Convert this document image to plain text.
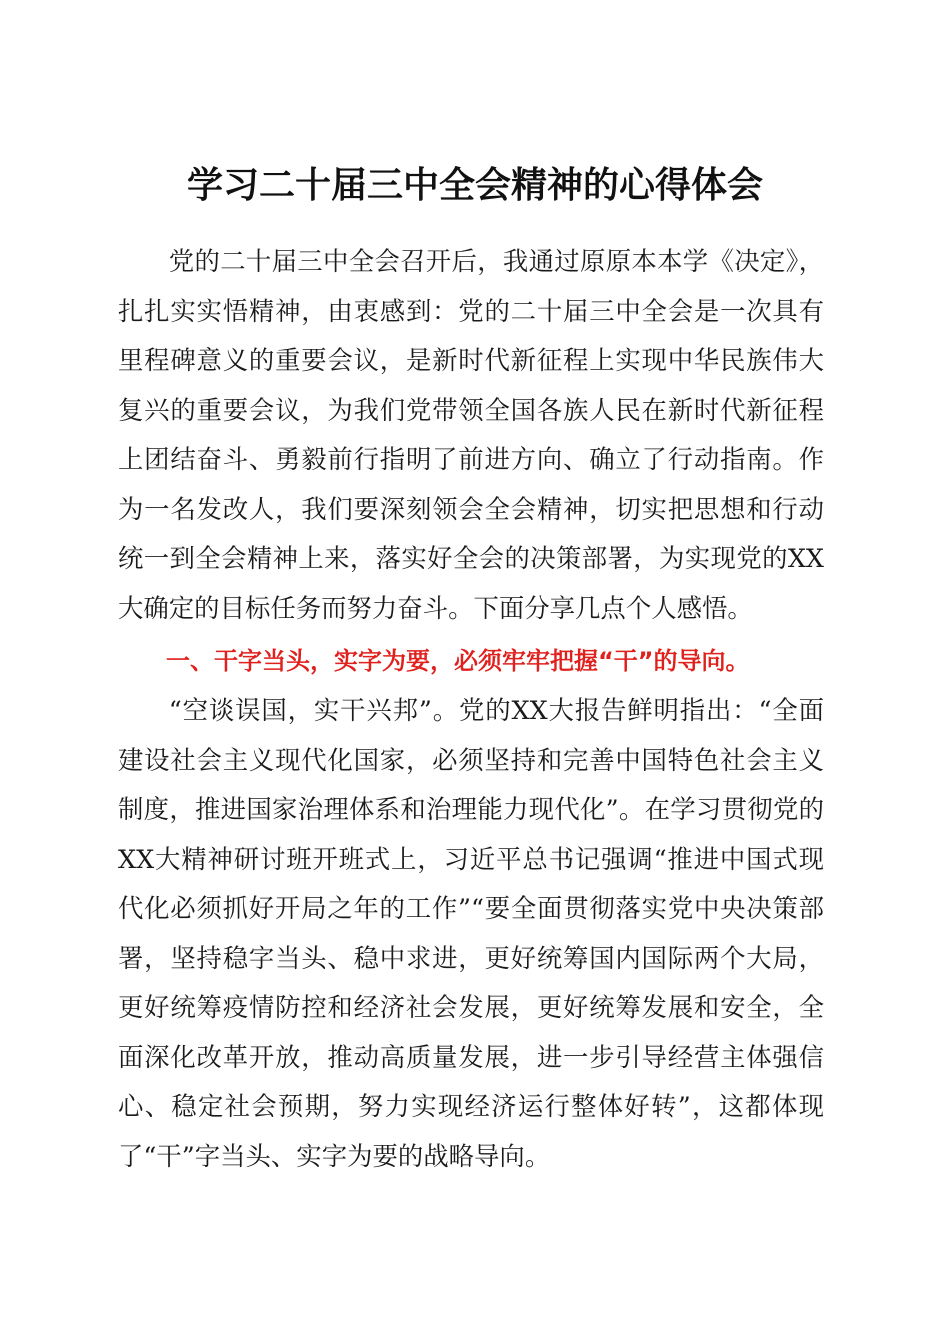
学习二十届三中全会精神的心得体会

党的二十届三中全会召开后，我通过原原本本学《决定》，扎扎实实悟精神，由衷感到：党的二十届三中全会是一次具有里程碑意义的重要会议，是新时代新征程上实现中华民族伟大复兴的重要会议，为我们党带领全国各族人民在新时代新征程上团结奋斗、勇毅前行指明了前进方向、确立了行动指南。作为一名发改人，我们要深刻领会全会精神，切实把思想和行动统一到全会精神上来，落实好全会的决策部署，为实现党的XX大确定的目标任务而努力奋斗。下面分享几点个人感悟。

一、干字当头，实字为要，必须牢牢把握“干”的导向。

“空谈误国，实干兴邦”。党的XX大报告鲜明指出：“全面建设社会主义现代化国家，必须坚持和完善中国特色社会主义制度，推进国家治理体系和治理能力现代化”。在学习贯彻党的XX大精神研讨班开班式上，习近平总书记强调“推进中国式现代化必须抓好开局之年的工作”“要全面贯彻落实党中央决策部署，坚持稳字当头、稳中求进，更好统筹国内国际两个大局，更好统筹疫情防控和经济社会发展，更好统筹发展和安全，全面深化改革开放，推动高质量发展，进一步引导经营主体强信心、稳定社会预期，努力实现经济运行整体好转”，这都体现了“干”字当头、实字为要的战略导向。
